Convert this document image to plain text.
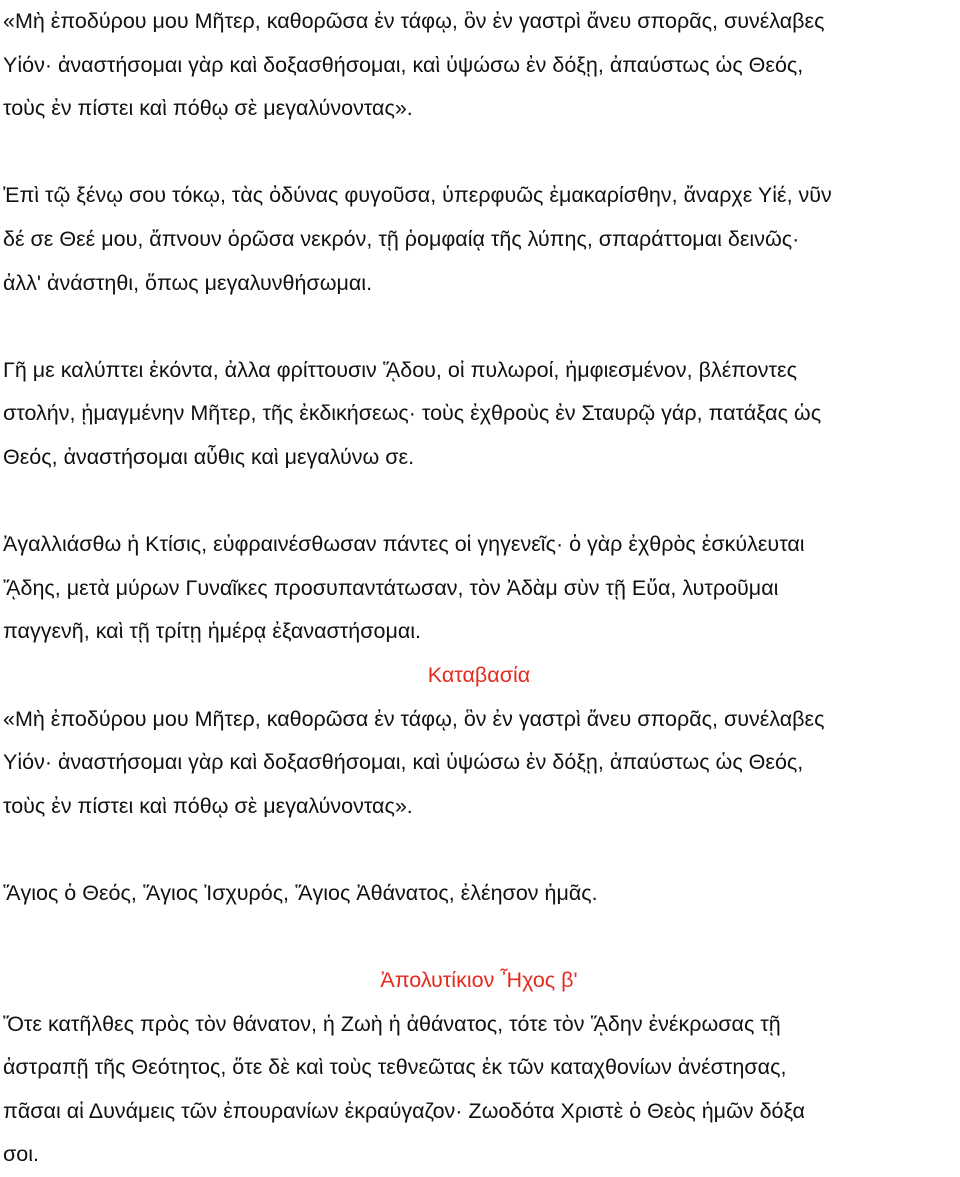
«Μὴ ἐποδύρου μου Μῆτερ, καθορῶσα ἐν τάφῳ, ὃν ἐν γαστρὶ ἄνευ σπορᾶς, συνέλαβες
Υἱόν· ἀναστήσομαι γὰρ καὶ δοξασθήσομαι, καὶ ὑψώσω ἐν δόξῃ, ἀπαύστως ὡς Θεός,
τοὺς ἐν πίστει καὶ πόθῳ σὲ μεγαλύνοντας».
Ἐπὶ τῷ ξένῳ σου τόκῳ, τὰς ὀδύνας φυγοῦσα, ὑπερφυῶς ἐμακαρίσθην, ἄναρχε Υἱέ, νῦν
δέ σε Θεέ μου, ἄπνουν ὁρῶσα νεκρόν, τῇ ῥομφαίᾳ τῆς λύπης, σπαράττομαι δεινῶς·
ἀλλ' ἀνάστηθι, ὅπως μεγαλυνθήσωμαι.
Γῆ με καλύπτει ἑκόντα, ἀλλα φρίττουσιν ᾍδου, οἱ πυλωροί, ἠμφιεσμένον, βλέποντες
στολήν, ᾑμαγμένην Μῆτερ, τῆς ἐκδικήσεως· τοὺς ἐχθροὺς ἐν Σταυρῷ γάρ, πατάξας ὡς
Θεός, ἀναστήσομαι αὖθις καὶ μεγαλύνω σε.
Ἀγαλλιάσθω ἡ Κτίσις, εὐφραινέσθωσαν πάντες οἱ γηγενεῖς· ὁ γὰρ ἐχθρὸς ἐσκύλευται
ᾌδης, μετὰ μύρων Γυναῖκες προσυπαντάτωσαν, τὸν Ἀδὰμ σὺν τῇ Εὔα, λυτροῦμαι
παγγενῆ, καὶ τῇ τρίτῃ ἡμέρᾳ ἐξαναστήσομαι.
Καταβασία
«Μὴ ἐποδύρου μου Μῆτερ, καθορῶσα ἐν τάφῳ, ὃν ἐν γαστρὶ ἄνευ σπορᾶς, συνέλαβες
Υἱόν· ἀναστήσομαι γὰρ καὶ δοξασθήσομαι, καὶ ὑψώσω ἐν δόξῃ, ἀπαύστως ὡς Θεός,
τοὺς ἐν πίστει καὶ πόθῳ σὲ μεγαλύνοντας».
Ἅγιος ὁ Θεός, Ἅγιος Ἰσχυρός, Ἅγιος Ἀθάνατος, ἐλέησον ἡμᾶς.
Ἀπολυτίκιον Ἦχος β'
Ὅτε κατῆλθες πρὸς τὸν θάνατον, ἡ Ζωὴ ἡ ἀθάνατος, τότε τὸν ᾍδην ἐνέκρωσας τῇ
ἀστραπῇ τῆς Θεότητος, ὅτε δὲ καὶ τοὺς τεθνεῶτας ἐκ τῶν καταχθονίων ἀνέστησας,
πᾶσαι αἱ Δυνάμεις τῶν ἐπουρανίων ἐκραύγαζον· Ζωοδότα Χριστὲ ὁ Θεὸς ἡμῶν δόξα
σοι.
